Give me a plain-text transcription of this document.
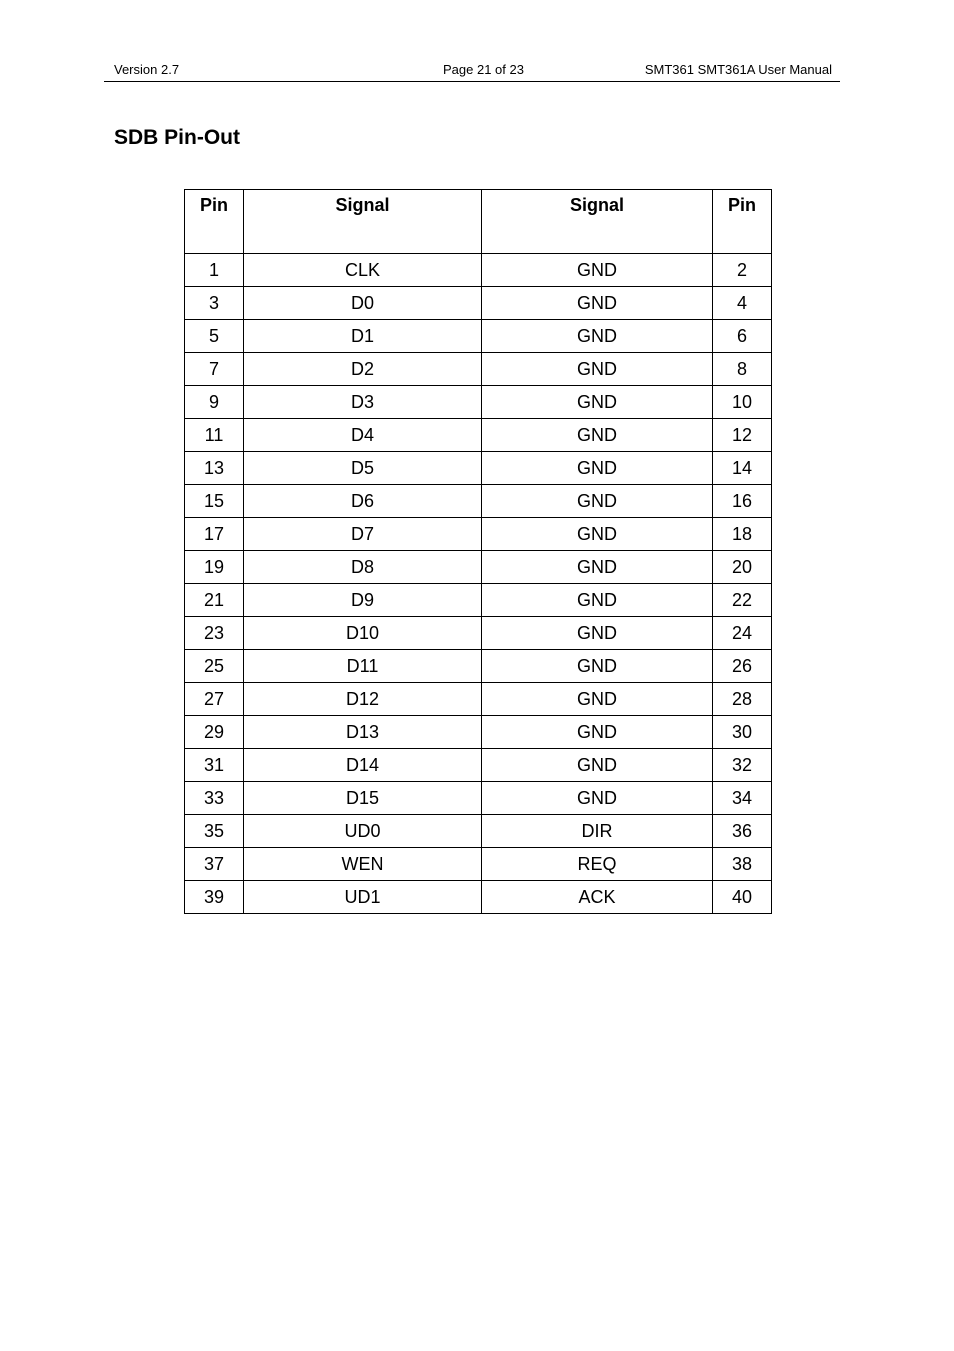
Version 2.7	Page 21 of 23	SMT361 SMT361A User Manual
SDB Pin-Out
Pin	Signal	Signal	Pin
1	CLK	GND	2
3	D0	GND	4
5	D1	GND	6
7	D2	GND	8
9	D3	GND	10
11	D4	GND	12
13	D5	GND	14
15	D6	GND	16
17	D7	GND	18
19	D8	GND	20
21	D9	GND	22
23	D10	GND	24
25	D11	GND	26
27	D12	GND	28
29	D13	GND	30
31	D14	GND	32
33	D15	GND	34
35	UD0	DIR	36
37	WEN	REQ	38
39	UD1	ACK	40
